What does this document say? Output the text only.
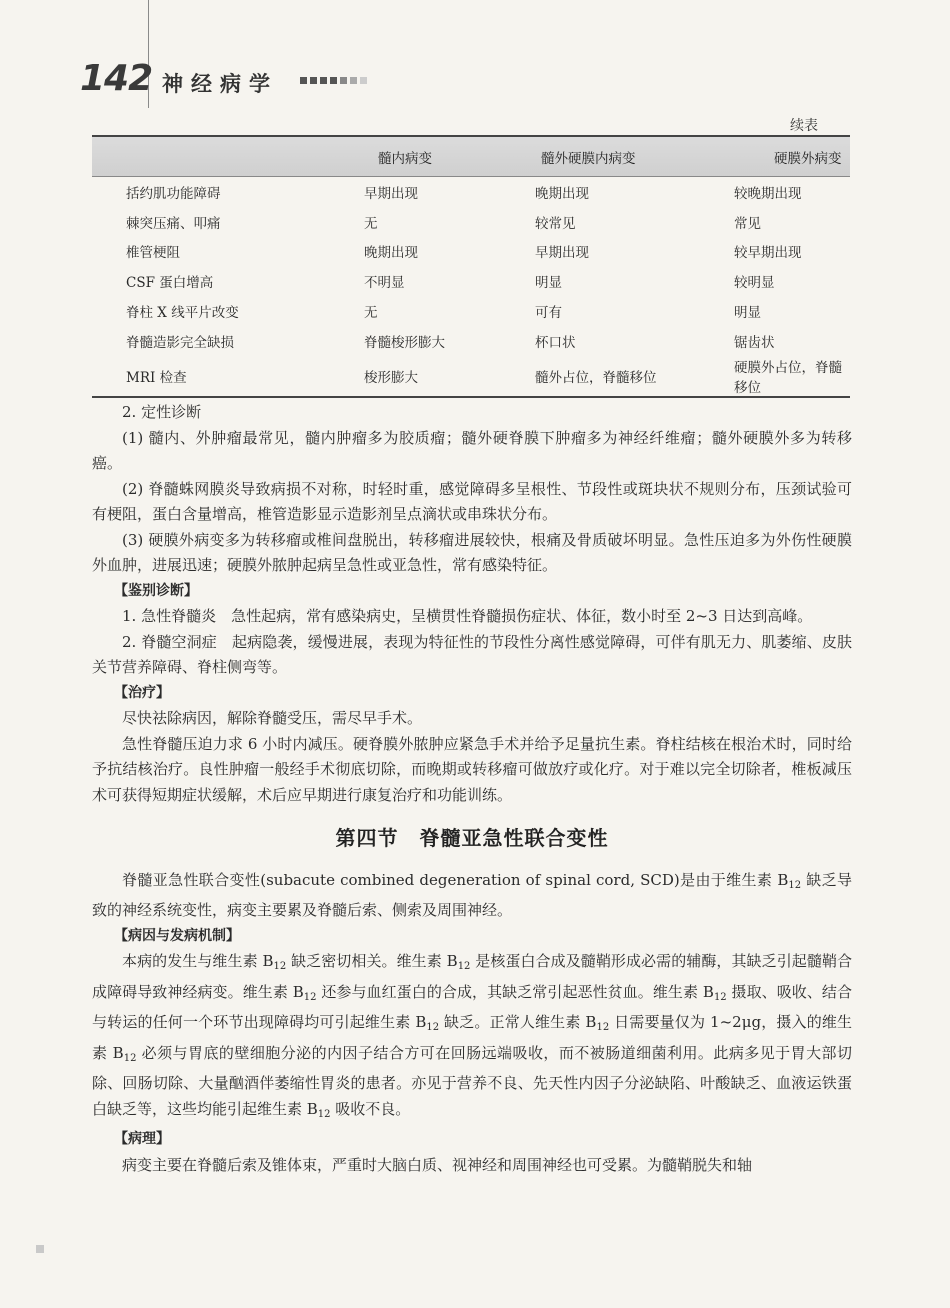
142 神经病学
续表
	髓内病变	髓外硬膜内病变	硬膜外病变
括约肌功能障碍	早期出现	晚期出现	较晚期出现
棘突压痛、叩痛	无	较常见	常见
椎管梗阻	晚期出现	早期出现	较早期出现
CSF 蛋白增高	不明显	明显	较明显
脊柱 X 线平片改变	无	可有	明显
脊髓造影完全缺损	脊髓梭形膨大	杯口状	锯齿状
MRI 检查	梭形膨大	髓外占位，脊髓移位	硬膜外占位，脊髓移位

2. 定性诊断

(1) 髓内、外肿瘤最常见，髓内肿瘤多为胶质瘤；髓外硬脊膜下肿瘤多为神经纤维瘤；髓外硬膜外多为转移癌。

(2) 脊髓蛛网膜炎导致病损不对称，时轻时重，感觉障碍多呈根性、节段性或斑块状不规则分布，压颈试验可有梗阻，蛋白含量增高，椎管造影显示造影剂呈点滴状或串珠状分布。

(3) 硬膜外病变多为转移瘤或椎间盘脱出，转移瘤进展较快，根痛及骨质破坏明显。急性压迫多为外伤性硬膜外血肿，进展迅速；硬膜外脓肿起病呈急性或亚急性，常有感染特征。

【鉴别诊断】

1. 急性脊髓炎　急性起病，常有感染病史，呈横贯性脊髓损伤症状、体征，数小时至 2~3 日达到高峰。

2. 脊髓空洞症　起病隐袭，缓慢进展，表现为特征性的节段性分离性感觉障碍，可伴有肌无力、肌萎缩、皮肤关节营养障碍、脊柱侧弯等。

【治疗】

尽快祛除病因，解除脊髓受压，需尽早手术。

急性脊髓压迫力求 6 小时内减压。硬脊膜外脓肿应紧急手术并给予足量抗生素。脊柱结核在根治术时，同时给予抗结核治疗。良性肿瘤一般经手术彻底切除，而晚期或转移瘤可做放疗或化疗。对于难以完全切除者，椎板减压术可获得短期症状缓解，术后应早期进行康复治疗和功能训练。

第四节　脊髓亚急性联合变性

脊髓亚急性联合变性(subacute combined degeneration of spinal cord, SCD)是由于维生素 $B_{12}$ 缺乏导致的神经系统变性，病变主要累及脊髓后索、侧索及周围神经。

【病因与发病机制】

本病的发生与维生素 $B_{12}$ 缺乏密切相关。维生素 $B_{12}$ 是核蛋白合成及髓鞘形成必需的辅酶，其缺乏引起髓鞘合成障碍导致神经病变。维生素 $B_{12}$ 还参与血红蛋白的合成，其缺乏常引起恶性贫血。维生素 $B_{12}$ 摄取、吸收、结合与转运的任何一个环节出现障碍均可引起维生素 $B_{12}$ 缺乏。正常人维生素 $B_{12}$ 日需要量仅为 1~2μg，摄入的维生素 $B_{12}$ 必须与胃底的壁细胞分泌的内因子结合方可在回肠远端吸收，而不被肠道细菌利用。此病多见于胃大部切除、回肠切除、大量酗酒伴萎缩性胃炎的患者。亦见于营养不良、先天性内因子分泌缺陷、叶酸缺乏、血液运铁蛋白缺乏等，这些均能引起维生素 $B_{12}$ 吸收不良。

【病理】

病变主要在脊髓后索及锥体束，严重时大脑白质、视神经和周围神经也可受累。为髓鞘脱失和轴
